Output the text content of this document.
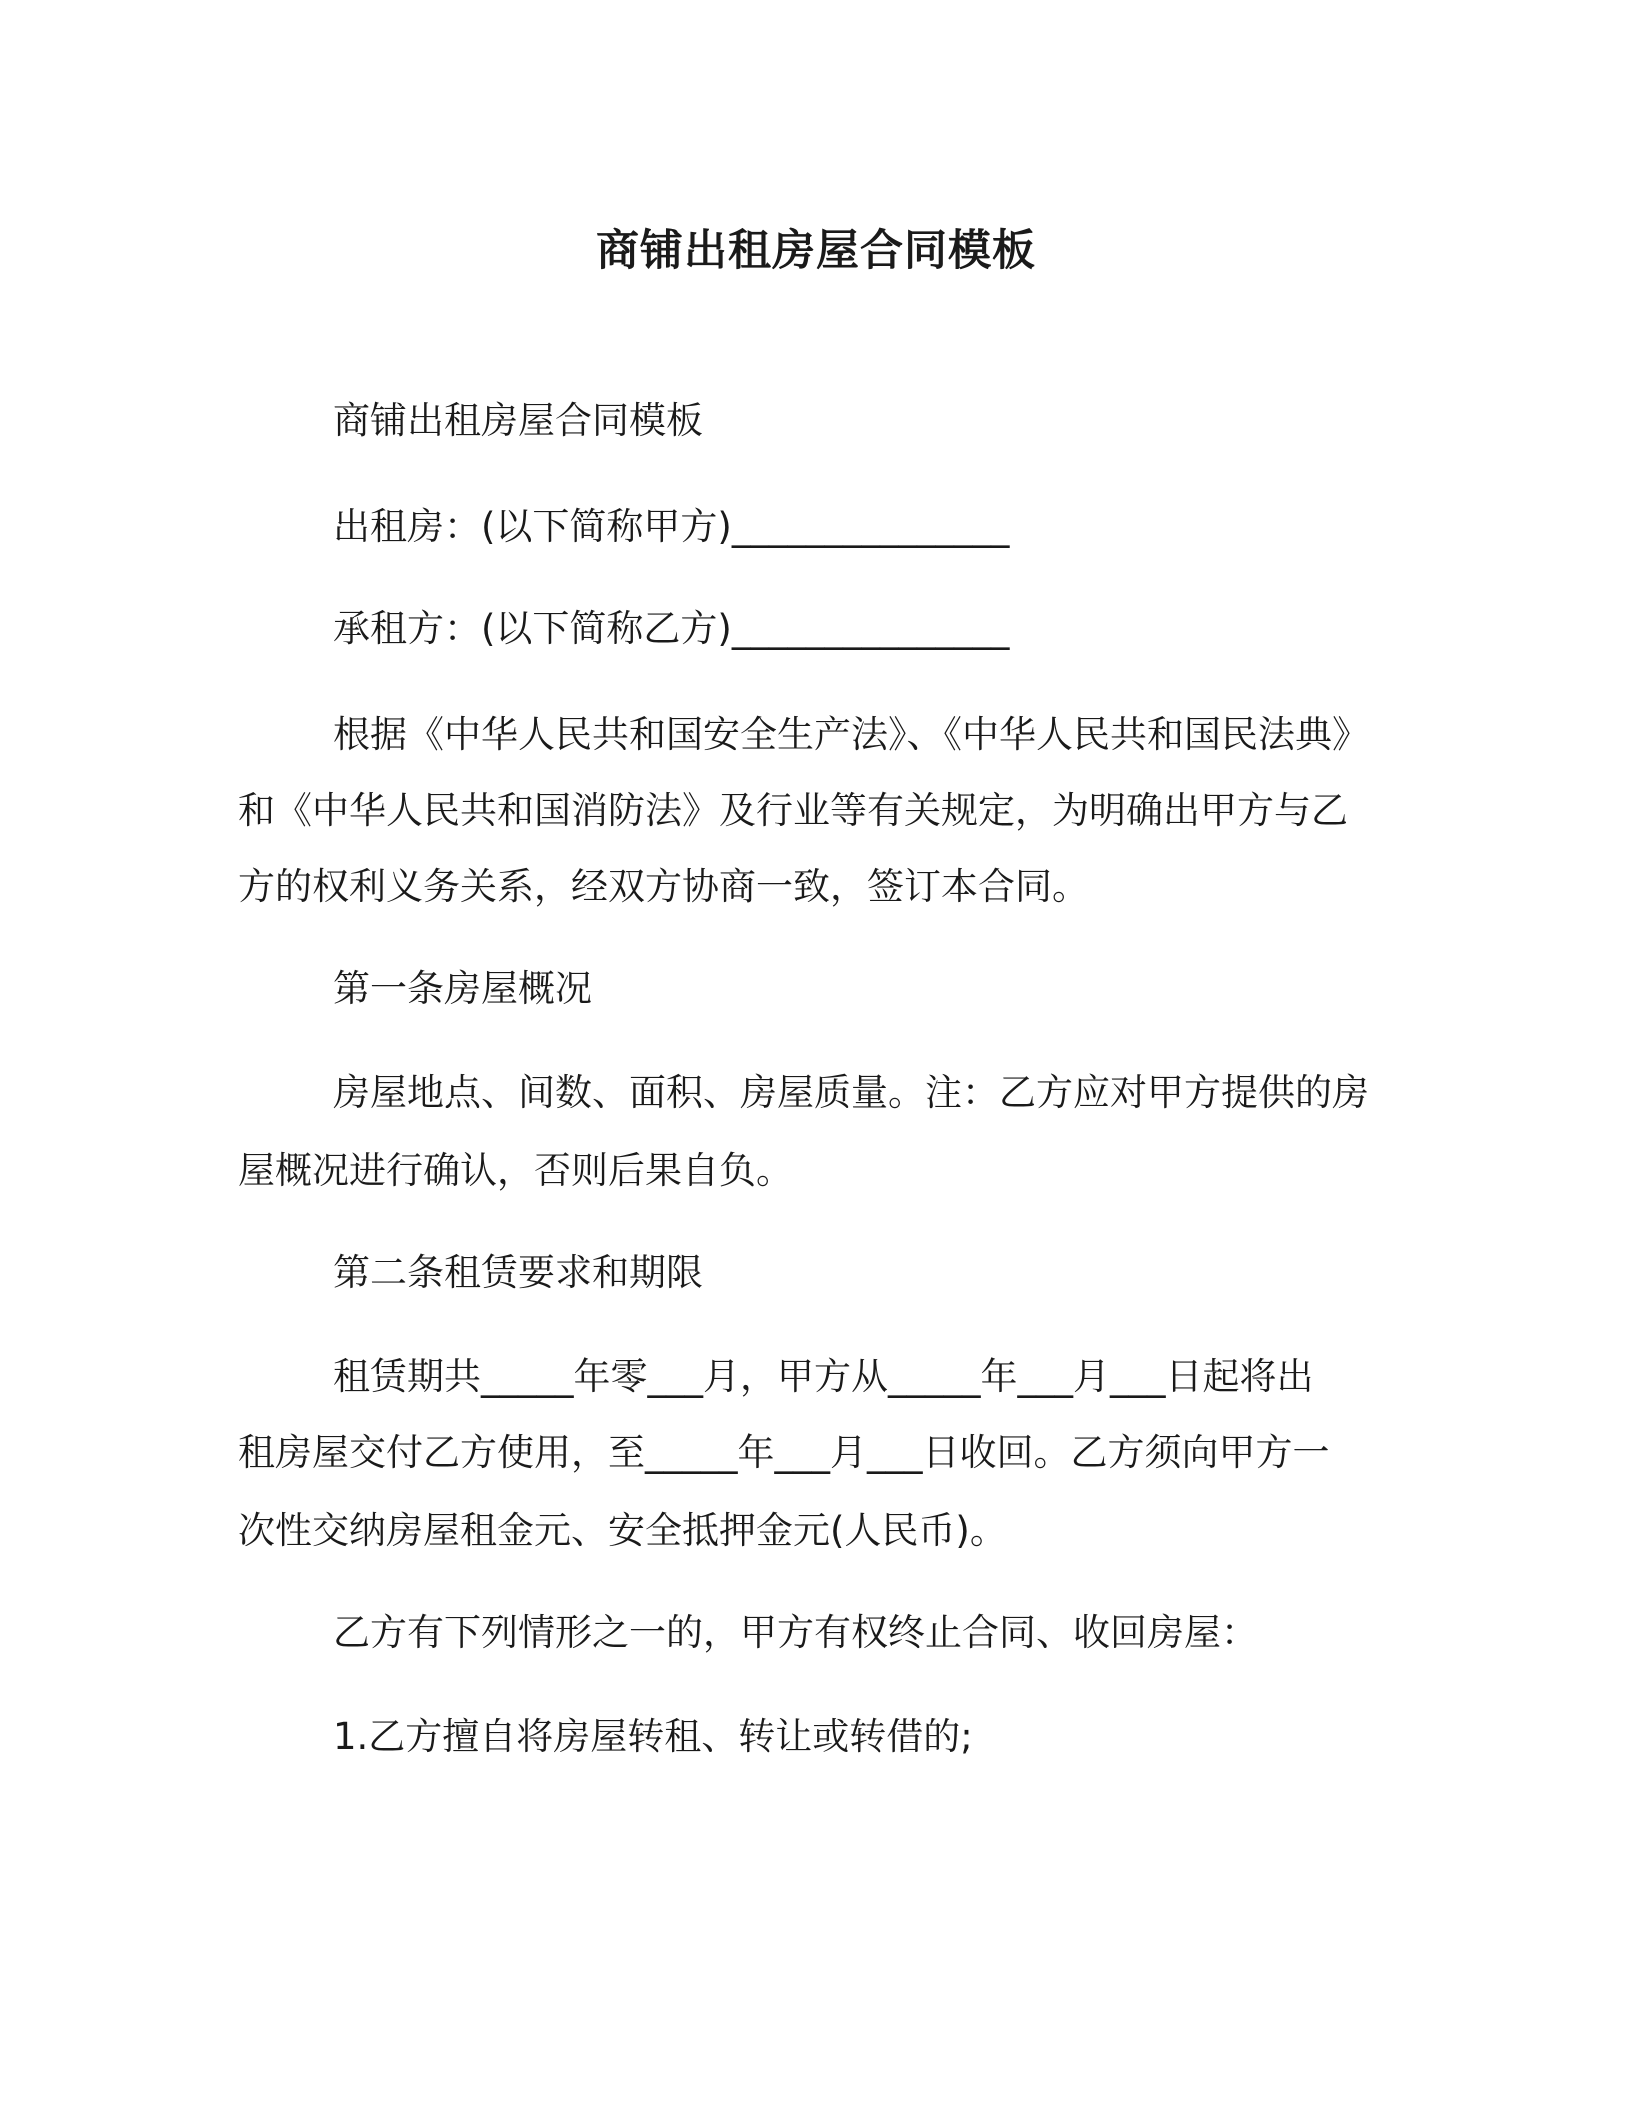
商铺出租房屋合同模板
商铺出租房屋合同模板
出租房：(以下简称甲方)_______________
承租方：(以下简称乙方)_______________
根据《中华人民共和国安全生产法》、《中华人民共和国民法典》
和《中华人民共和国消防法》及行业等有关规定，为明确出甲方与乙
方的权利义务关系，经双方协商一致，签订本合同。
第一条房屋概况
房屋地点、间数、面积、房屋质量。注：乙方应对甲方提供的房
屋概况进行确认，否则后果自负。
第二条租赁要求和期限
租赁期共_____年零___月，甲方从_____年___月___日起将出
租房屋交付乙方使用，至_____年___月___日收回。乙方须向甲方一
次性交纳房屋租金元、安全抵押金元(人民币)。
乙方有下列情形之一的，甲方有权终止合同、收回房屋：
1.乙方擅自将房屋转租、转让或转借的;
